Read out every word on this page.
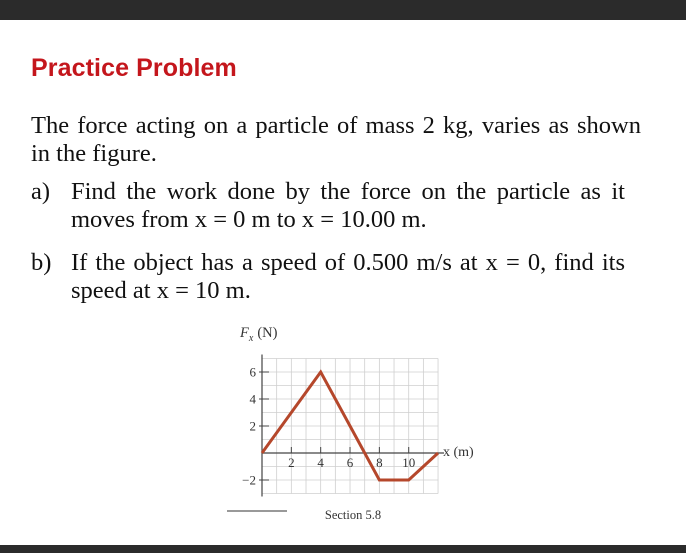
Practice Problem
The force acting on a particle of mass 2 kg, varies as shown in the figure.
a) Find the work done by the force on the particle as it moves from x = 0 m to x = 10.00 m.
b) If the object has a speed of 0.500 m/s at x = 0, find its speed at x = 10 m.
6
4
2
−2
2 4 6 8 10
$F_x$ (N)
x (m)
Section 5.8
